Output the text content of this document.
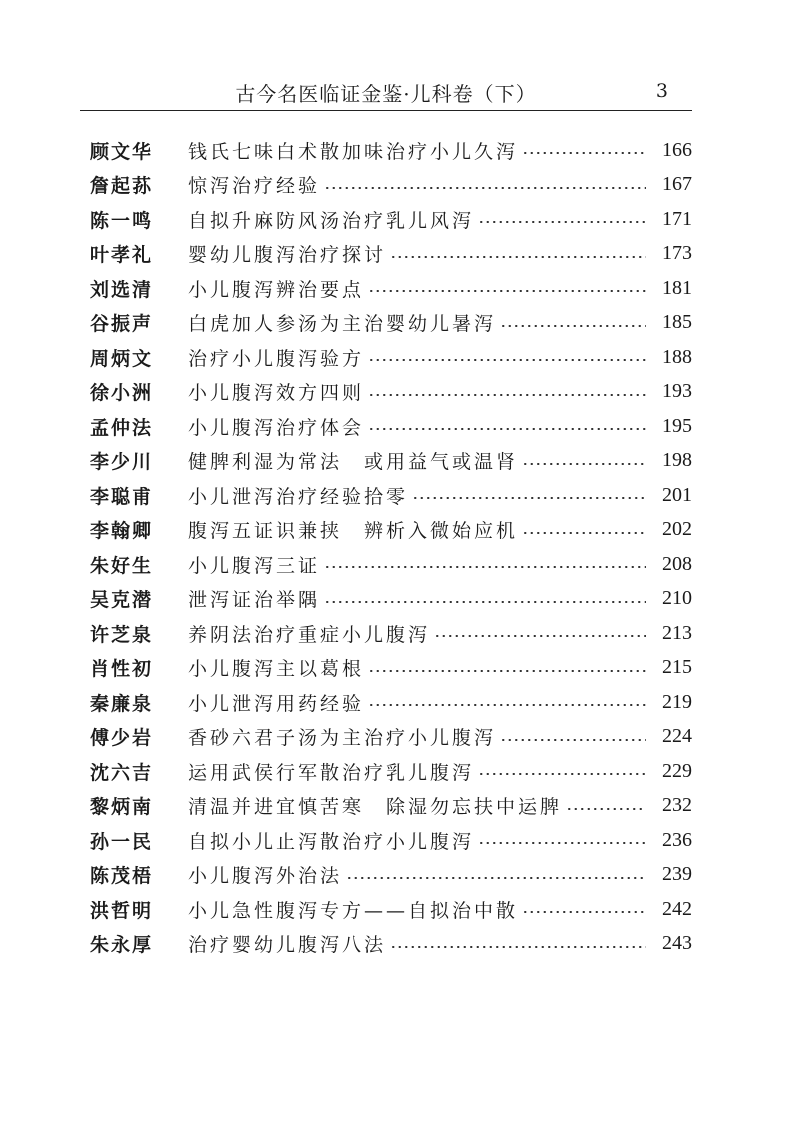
古今名医临证金鉴·儿科卷（下）	3
顾文华	钱氏七味白术散加味治疗小儿久泻	166
詹起荪	惊泻治疗经验	167
陈一鸣	自拟升麻防风汤治疗乳儿风泻	171
叶孝礼	婴幼儿腹泻治疗探讨	173
刘选清	小儿腹泻辨治要点	181
谷振声	白虎加人参汤为主治婴幼儿暑泻	185
周炳文	治疗小儿腹泻验方	188
徐小洲	小儿腹泻效方四则	193
孟仲法	小儿腹泻治疗体会	195
李少川	健脾利湿为常法　或用益气或温肾	198
李聪甫	小儿泄泻治疗经验拾零	201
李翰卿	腹泻五证识兼挟　辨析入微始应机	202
朱好生	小儿腹泻三证	208
吴克潜	泄泻证治举隅	210
许芝泉	养阴法治疗重症小儿腹泻	213
肖性初	小儿腹泻主以葛根	215
秦廉泉	小儿泄泻用药经验	219
傅少岩	香砂六君子汤为主治疗小儿腹泻	224
沈六吉	运用武侯行军散治疗乳儿腹泻	229
黎炳南	清温并进宜慎苦寒　除湿勿忘扶中运脾	232
孙一民	自拟小儿止泻散治疗小儿腹泻	236
陈茂梧	小儿腹泻外治法	239
洪哲明	小儿急性腹泻专方——自拟治中散	242
朱永厚	治疗婴幼儿腹泻八法	243
